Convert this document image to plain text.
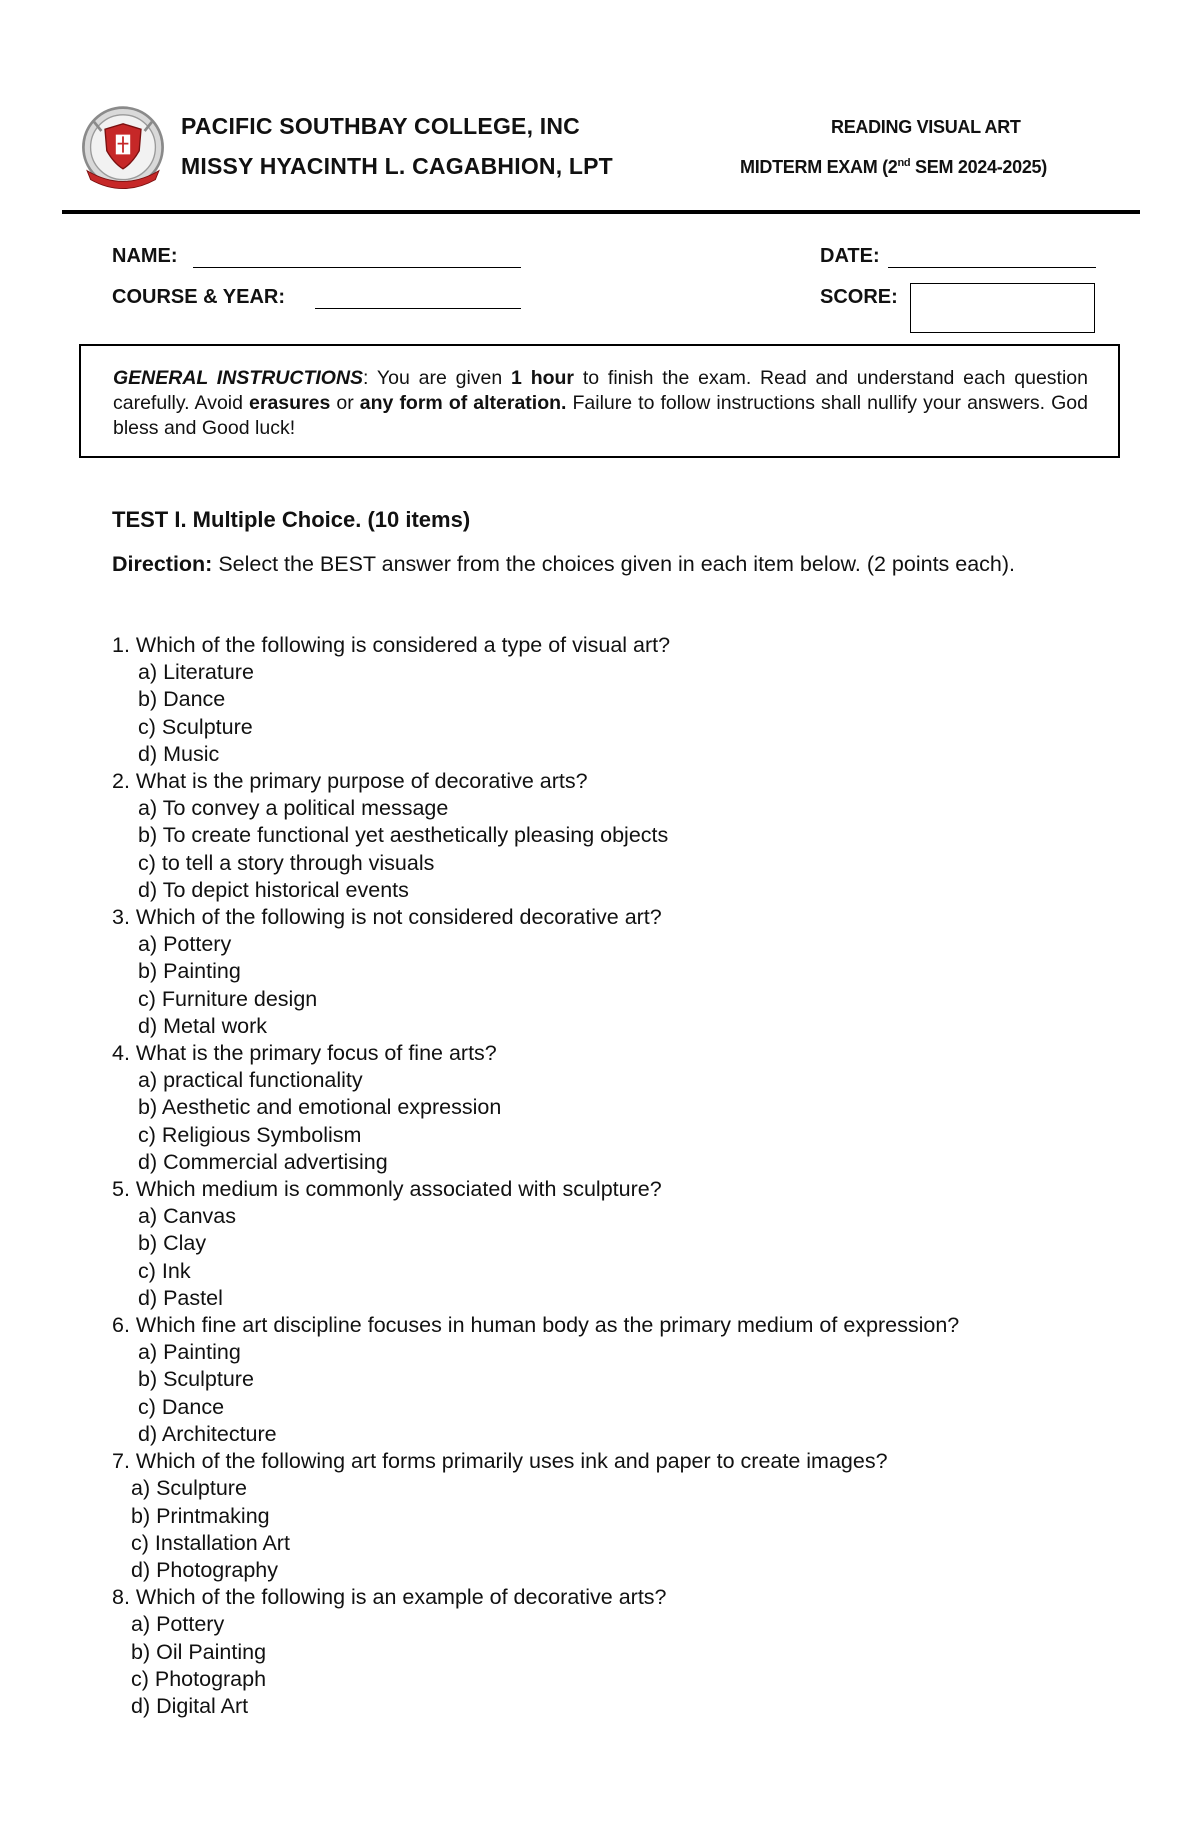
PACIFIC SOUTHBAY COLLEGE, INC
MISSY HYACINTH L. CAGABHION, LPT
READING VISUAL ART
MIDTERM EXAM (2nd SEM 2024-2025)
NAME:
COURSE & YEAR:
DATE:
SCORE:
GENERAL INSTRUCTIONS: You are given 1 hour to finish the exam. Read and understand each question carefully. Avoid erasures or any form of alteration. Failure to follow instructions shall nullify your answers. God bless and Good luck!
TEST I. Multiple Choice. (10 items)
Direction: Select the BEST answer from the choices given in each item below. (2 points each).

1. Which of the following is considered a type of visual art?

a) Literature

b) Dance

c) Sculpture

d) Music

2. What is the primary purpose of decorative arts?

a) To convey a political message

b) To create functional yet aesthetically pleasing objects

c) to tell a story through visuals

d) To depict historical events

3. Which of the following is not considered decorative art?

a) Pottery

b) Painting

c) Furniture design

d) Metal work

4. What is the primary focus of fine arts?

a) practical functionality

b) Aesthetic and emotional expression

c) Religious Symbolism

d) Commercial advertising

5. Which medium is commonly associated with sculpture?

a) Canvas

b) Clay

c) Ink

d) Pastel

6. Which fine art discipline focuses in human body as the primary medium of expression?

a) Painting

b) Sculpture

c) Dance

d) Architecture

7. Which of the following art forms primarily uses ink and paper to create images?

a) Sculpture

b) Printmaking

c) Installation Art

d) Photography

8. Which of the following is an example of decorative arts?

a) Pottery

b) Oil Painting

c) Photograph

d) Digital Art
